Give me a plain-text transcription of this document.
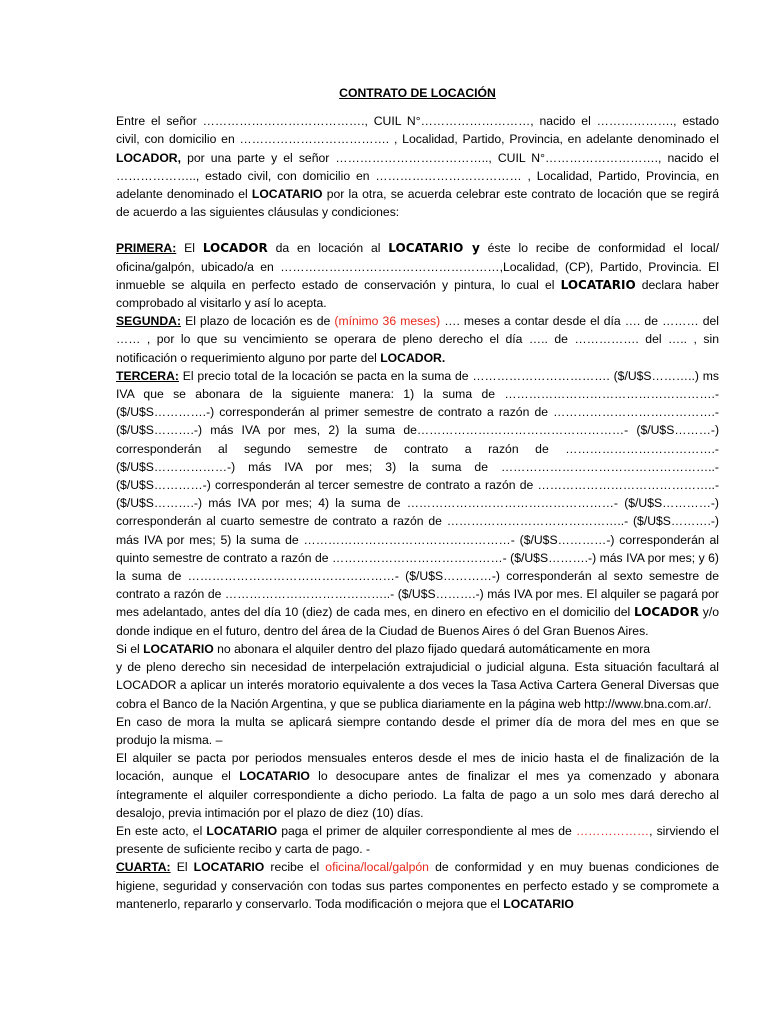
CONTRATO DE LOCACIÓN

Entre el señor …………………………………., CUIL N°………………………, nacido el ………………., estado civil, con domicilio en ………………………………. , Localidad, Partido, Provincia, en adelante denominado el LOCADOR, por una parte y el señor ……………………………….., CUIL N°………………………., nacido el ……………….., estado civil, con domicilio en ……………………………… , Localidad, Partido, Provincia, en adelante denominado el LOCATARIO por la otra, se acuerda celebrar este contrato de locación que se regirá de acuerdo a las siguientes cláusulas y condiciones:

PRIMERA: El LOCADOR da en locación al LOCATARIO y éste lo recibe de conformidad el local/ oficina/galpón, ubicado/a en ………………………………………………,Localidad, (CP), Partido, Provincia. El inmueble se alquila en perfecto estado de conservación y pintura, lo cual el LOCATARIO declara haber comprobado al visitarlo y así lo acepta.

SEGUNDA: El plazo de locación es de (mínimo 36 meses) …. meses a contar desde el día …. de ……… del …… , por lo que su vencimiento se operara de pleno derecho el día ….. de ……………. del ….. , sin notificación o requerimiento alguno por parte del LOCADOR.

TERCERA: El precio total de la locación se pacta en la suma de ……………………………. ($/U$S………..) ms IVA que se abonara de la siguiente manera: 1) la suma de …………………………………………….- ($/U$S………….-) corresponderán al primer semestre de contrato a razón de ………………………………….- ($/U$S……….-) más IVA por mes, 2) la suma de……………………………………………- ($/U$S………-) corresponderán al segundo semestre de contrato a razón de ……………………………….- ($/U$S………………-) más IVA por mes; 3) la suma de ……………………………………………..- ($/U$S…………-) corresponderán al tercer semestre de contrato a razón de ……………………………………..- ($/U$S……….-) más IVA por mes; 4) la suma de ……………………………………………- ($/U$S…………-) corresponderán al cuarto semestre de contrato a razón de ……………………………………..- ($/U$S……….-) más IVA por mes; 5) la suma de ……………………………………………- ($/U$S…………-) corresponderán al quinto semestre de contrato a razón de ……………………………………- ($/U$S……….-) más IVA por mes; y 6) la suma de ……………………………………………- ($/U$S…………-) corresponderán al sexto semestre de contrato a razón de …………………………………..- ($/U$S……….-) más IVA por mes. El alquiler se pagará por mes adelantado, antes del día 10 (diez) de cada mes, en dinero en efectivo en el domicilio del LOCADOR y/o donde indique en el futuro, dentro del área de la Ciudad de Buenos Aires ó del Gran Buenos Aires.

Si el LOCATARIO no abonara el alquiler dentro del plazo fijado quedará automáticamente en mora

y de pleno derecho sin necesidad de interpelación extrajudicial o judicial alguna. Esta situación facultará al LOCADOR a aplicar un interés moratorio equivalente a dos veces la Tasa Activa Cartera General Diversas que cobra el Banco de la Nación Argentina, y que se publica diariamente en la página web http://www.bna.com.ar/.

En caso de mora la multa se aplicará siempre contando desde el primer día de mora del mes en que se produjo la misma. –

El alquiler se pacta por periodos mensuales enteros desde el mes de inicio hasta el de finalización de la locación, aunque el LOCATARIO lo desocupare antes de finalizar el mes ya comenzado y abonara íntegramente el alquiler correspondiente a dicho periodo. La falta de pago a un solo mes dará derecho al desalojo, previa intimación por el plazo de diez (10) días.

En este acto, el LOCATARIO paga el primer de alquiler correspondiente al mes de ………………, sirviendo el presente de suficiente recibo y carta de pago. -

CUARTA: El LOCATARIO recibe el oficina/local/galpón de conformidad y en muy buenas condiciones de higiene, seguridad y conservación con todas sus partes componentes en perfecto estado y se compromete a mantenerlo, repararlo y conservarlo. Toda modificación o mejora que el LOCATARIO
